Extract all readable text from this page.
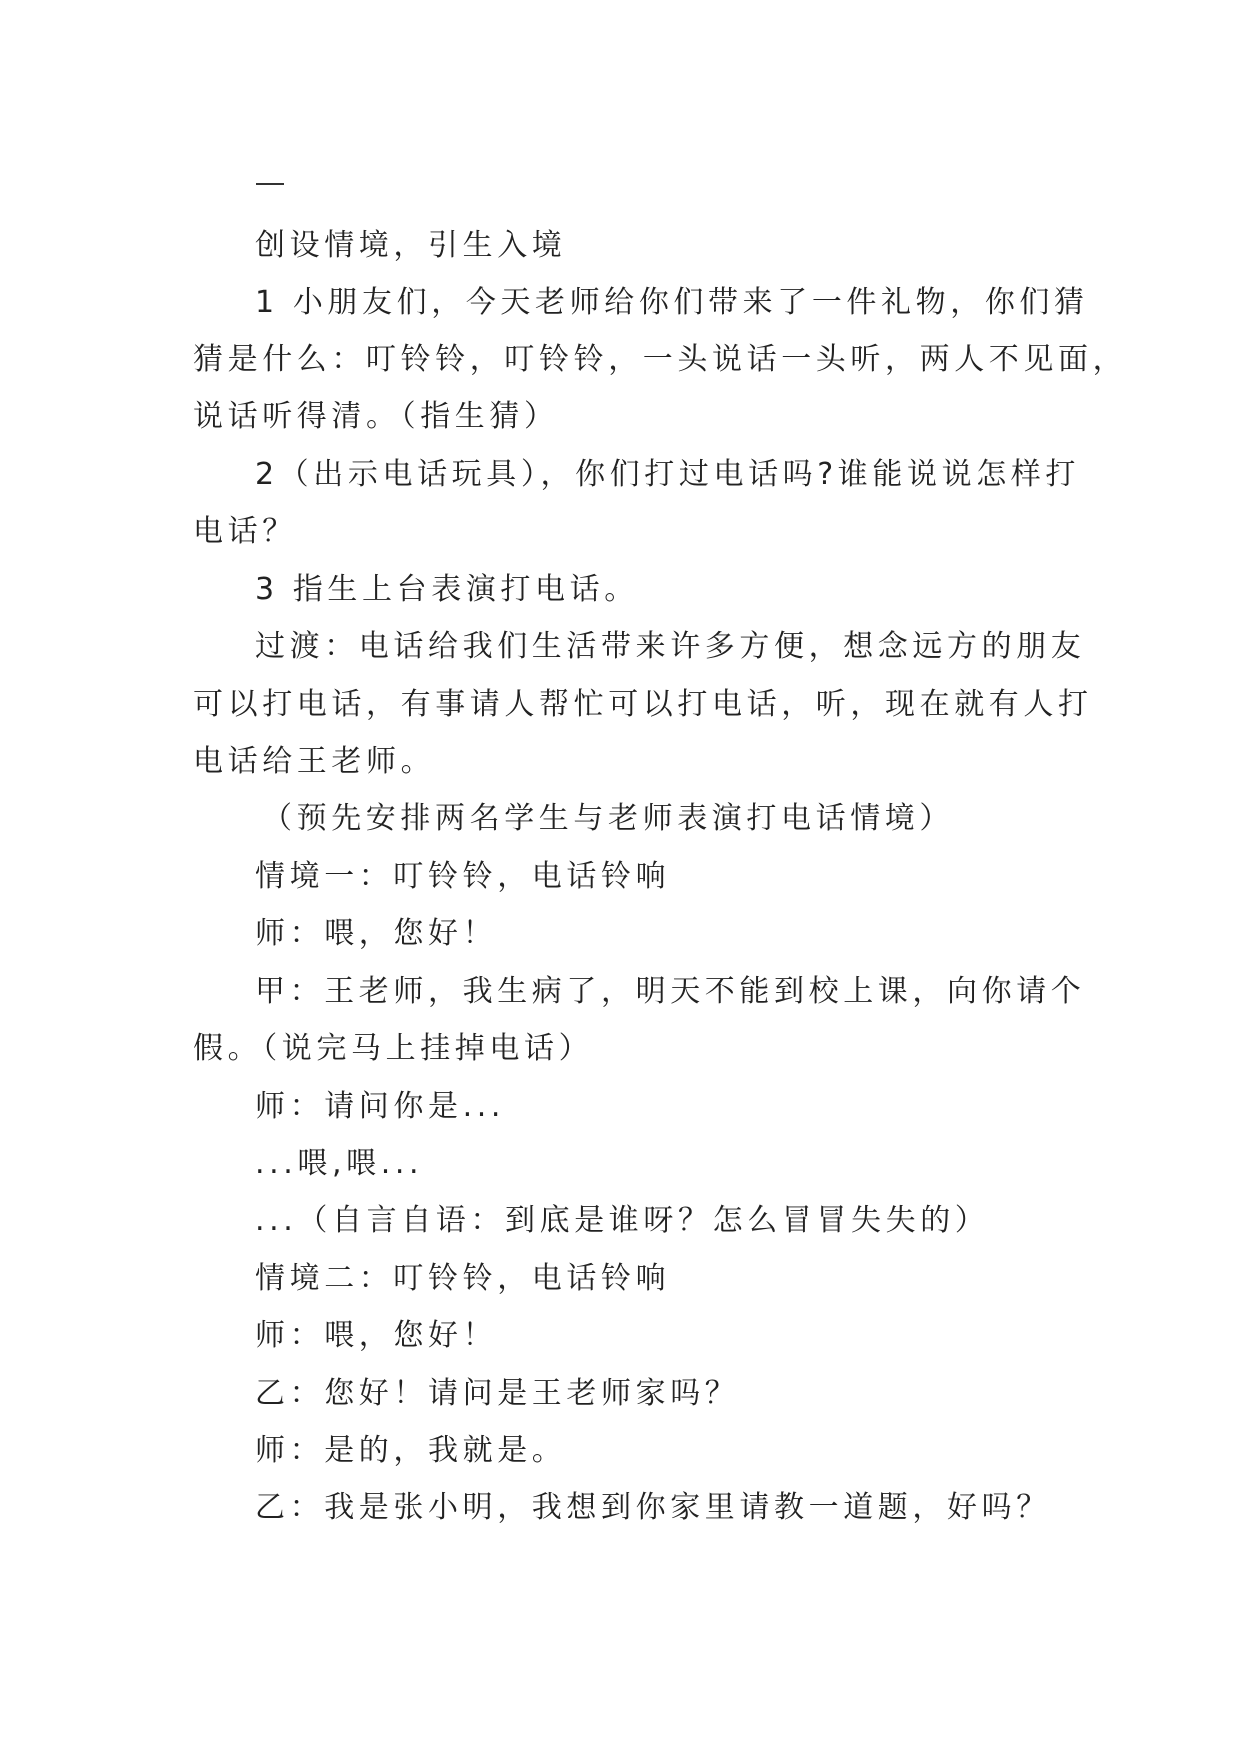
创设情境，引生入境
1 小朋友们，今天老师给你们带来了一件礼物，你们猜
猜是什么：叮铃铃，叮铃铃，一头说话一头听，两人不见面，
说话听得清。（指生猜）
2（出示电话玩具），你们打过电话吗?谁能说说怎样打
电话？
3 指生上台表演打电话。
过渡：电话给我们生活带来许多方便，想念远方的朋友
可以打电话，有事请人帮忙可以打电话，听，现在就有人打
电话给王老师。
（预先安排两名学生与老师表演打电话情境）
情境一：叮铃铃，电话铃响
师：喂，您好！
甲：王老师，我生病了，明天不能到校上课，向你请个
假。（说完马上挂掉电话）
师：请问你是...
...喂,喂...
...（自言自语：到底是谁呀？怎么冒冒失失的）
情境二：叮铃铃，电话铃响
师：喂，您好！
乙：您好！请问是王老师家吗？
师：是的，我就是。
乙：我是张小明，我想到你家里请教一道题，好吗？
